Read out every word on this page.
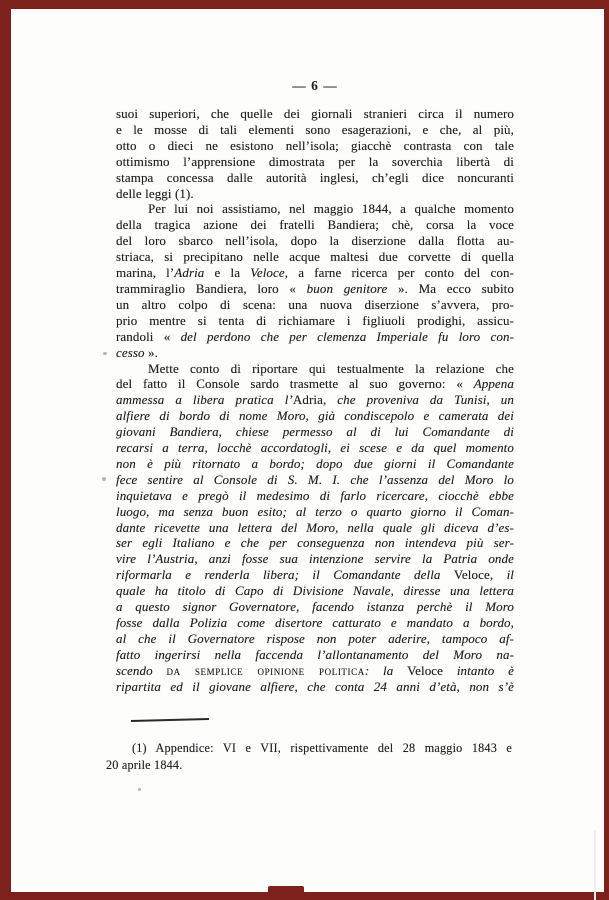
— 6 —
suoi superiori, che quelle dei giornali stranieri circa il numero
e le mosse di tali elementi sono esagerazioni, e che, al più,
otto o dieci ne esistono nell’isola; giacchè contrasta con tale
ottimismo l’apprensione dimostrata per la soverchia libertà di
stampa concessa dalle autorità inglesi, ch’egli dice noncuranti
delle leggi (1).
Per lui noi assistiamo, nel maggio 1844, a qualche momento
della tragica azione dei fratelli Bandiera; chè, corsa la voce
del loro sbarco nell’isola, dopo la diserzione dalla flotta au-
striaca, si precipitano nelle acque maltesi due corvette di quella
marina, l’Adria e la Veloce, a farne ricerca per conto del con-
trammiraglio Bandiera, loro « buon genitore ». Ma ecco subito
un altro colpo di scena: una nuova diserzione s’avvera, pro-
prio mentre si tenta di richiamare i figliuoli prodighi, assicu-
randoli « del perdono che per clemenza Imperiale fu loro con-
cesso ».
Mette conto di riportare qui testualmente la relazione che
del fatto il Console sardo trasmette al suo governo: « Appena
ammessa a libera pratica l’Adria, che proveniva da Tunisi, un
alfiere di bordo di nome Moro, già condiscepolo e camerata dei
giovani Bandiera, chiese permesso al di lui Comandante di
recarsi a terra, locchè accordatogli, ei scese e da quel momento
non è più ritornato a bordo; dopo due giorni il Comandante
fece sentire al Console di S. M. I. che l’assenza del Moro lo
inquietava e pregò il medesimo di farlo ricercare, ciocchè ebbe
luogo, ma senza buon esito; al terzo o quarto giorno il Coman-
dante ricevette una lettera del Moro, nella quale gli diceva d’es-
ser egli Italiano e che per conseguenza non intendeva più ser-
vire l’Austria, anzi fosse sua intenzione servire la Patria onde
riformarla e renderla libera; il Comandante della Veloce, il
quale ha titolo di Capo di Divisione Navale, diresse una lettera
a questo signor Governatore, facendo istanza perchè il Moro
fosse dalla Polizia come disertore catturato e mandato a bordo,
al che il Governatore rispose non poter aderire, tampoco af-
fatto ingerirsi nella faccenda l’allontanamento del Moro na-
scendo da semplice opinione politica: la Veloce intanto è
ripartita ed il giovane alfiere, che conta 24 anni d’età, non s’è
(1) Appendice: VI e VII, rispettivamente del 28 maggio 1843 e
20 aprile 1844.
